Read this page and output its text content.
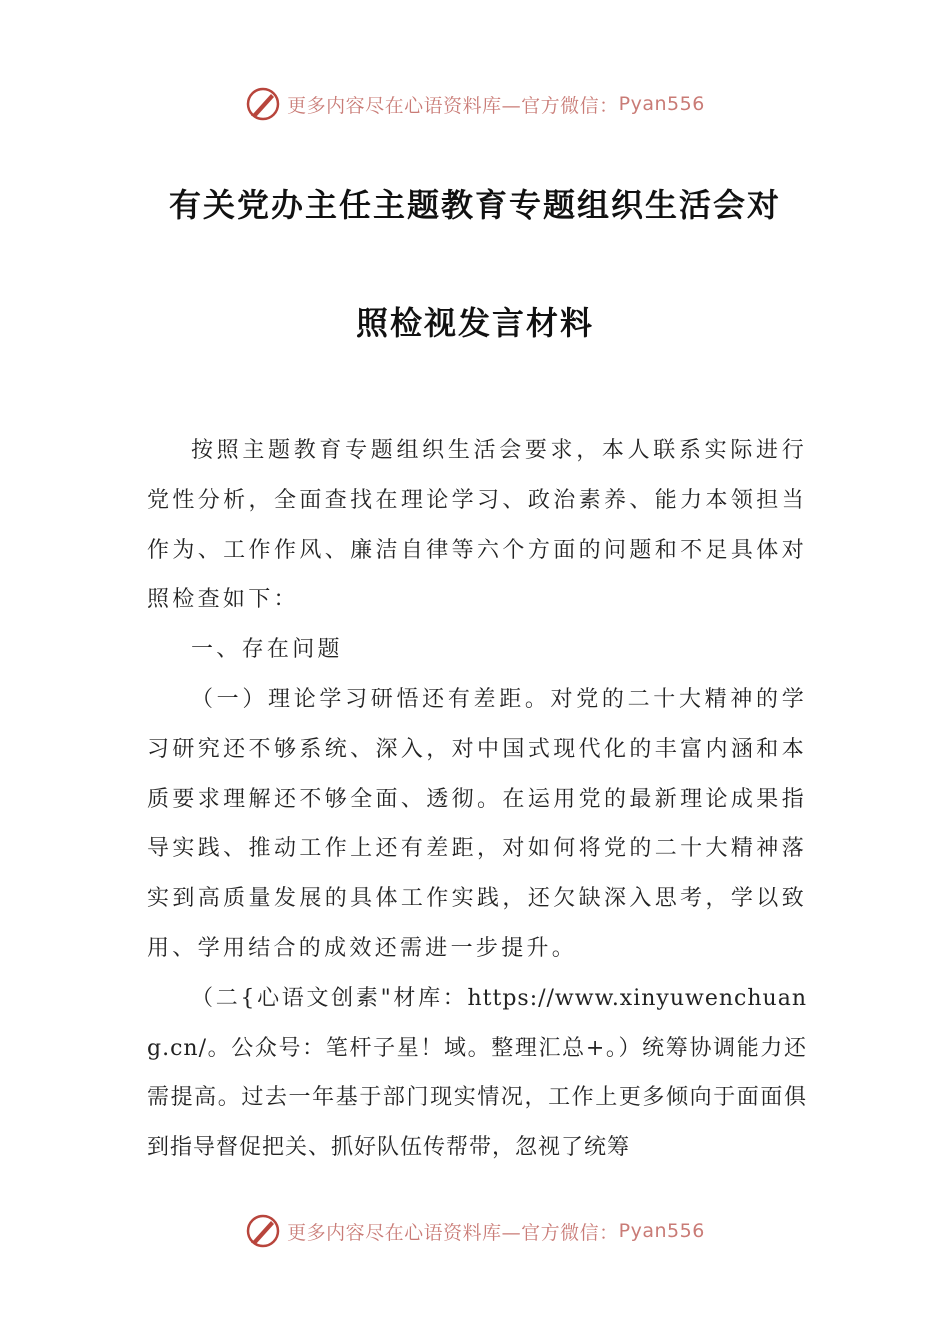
更多内容尽在心语资料库—官方微信： Pyan556
有关党办主任主题教育专题组织生活会对
照检视发言材料

按照主题教育专题组织生活会要求，本人联系实际进行党性分析，全面查找在理论学习、政治素养、能力本领担当作为、工作作风、廉洁自律等六个方面的问题和不足具体对照检查如下：

一、存在问题

（一）理论学习研悟还有差距。对党的二十大精神的学习研究还不够系统、深入，对中国式现代化的丰富内涵和本质要求理解还不够全面、透彻。在运用党的最新理论成果指导实践、推动工作上还有差距，对如何将党的二十大精神落实到高质量发展的具体工作实践，还欠缺深入思考，学以致用、学用结合的成效还需进一步提升。

（二{心语文创素"材库：https://www.xinyuwenchuang.cn/。公众号：笔杆子星！域。整理汇总+。）统筹协调能力还需提高。过去一年基于部门现实情况，工作上更多倾向于面面俱到指导督促把关、抓好队伍传帮带，忽视了统筹

更多内容尽在心语资料库—官方微信： Pyan556
